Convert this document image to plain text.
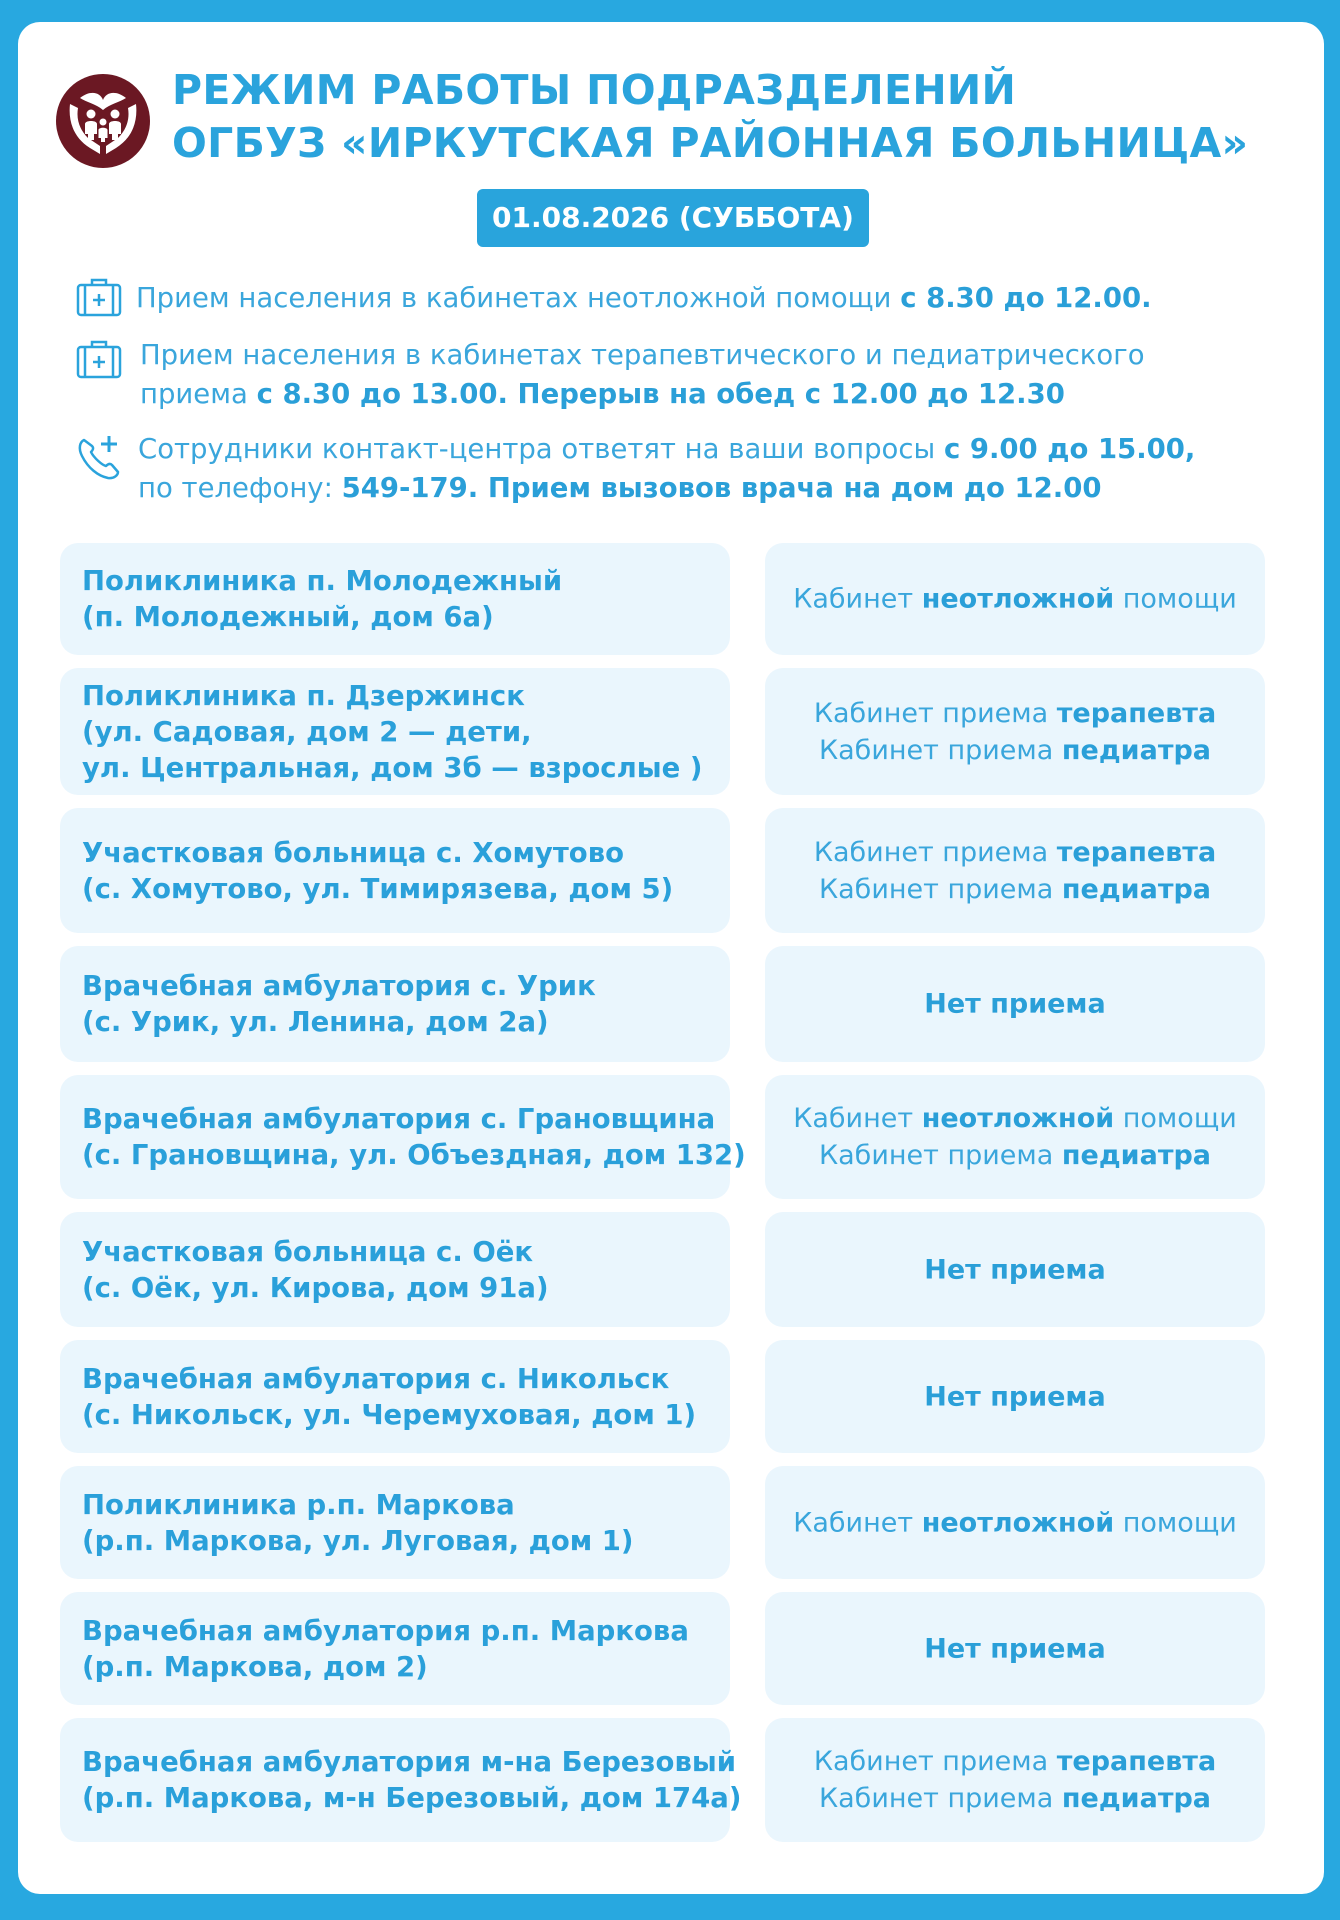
РЕЖИМ РАБОТЫ ПОДРАЗДЕЛЕНИЙ
ОГБУЗ «ИРКУТСКАЯ РАЙОННАЯ БОЛЬНИЦА»
01.08.2026 (СУББОТА)
Прием населения в кабинетах неотложной помощи с 8.30 до 12.00.
Прием населения в кабинетах терапевтического и педиатрического
приема с 8.30 до 13.00. Перерыв на обед с 12.00 до 12.30
Сотрудники контакт-центра ответят на ваши вопросы с 9.00 до 15.00,
по телефону: 549-179. Прием вызовов врача на дом до 12.00
Поликлиника п. Молодежный
(п. Молодежный, дом 6а)
Кабинет неотложной помощи
Поликлиника п. Дзержинск
(ул. Садовая, дом 2 — дети,
ул. Центральная, дом 3б — взрослые )
Кабинет приема терапевта
Кабинет приема педиатра
Участковая больница с. Хомутово
(с. Хомутово, ул. Тимирязева, дом 5)
Кабинет приема терапевта
Кабинет приема педиатра
Врачебная амбулатория с. Урик
(с. Урик, ул. Ленина, дом 2а)
Нет приема
Врачебная амбулатория с. Грановщина
(с. Грановщина, ул. Объездная, дом 132)
Кабинет неотложной помощи
Кабинет приема педиатра
Участковая больница с. Оёк
(с. Оёк, ул. Кирова, дом 91а)
Нет приема
Врачебная амбулатория с. Никольск
(с. Никольск, ул. Черемуховая, дом 1)
Нет приема
Поликлиника р.п. Маркова
(р.п. Маркова, ул. Луговая, дом 1)
Кабинет неотложной помощи
Врачебная амбулатория р.п. Маркова
(р.п. Маркова, дом 2)
Нет приема
Врачебная амбулатория м-на Березовый
(р.п. Маркова, м-н Березовый, дом 174а)
Кабинет приема терапевта
Кабинет приема педиатра
